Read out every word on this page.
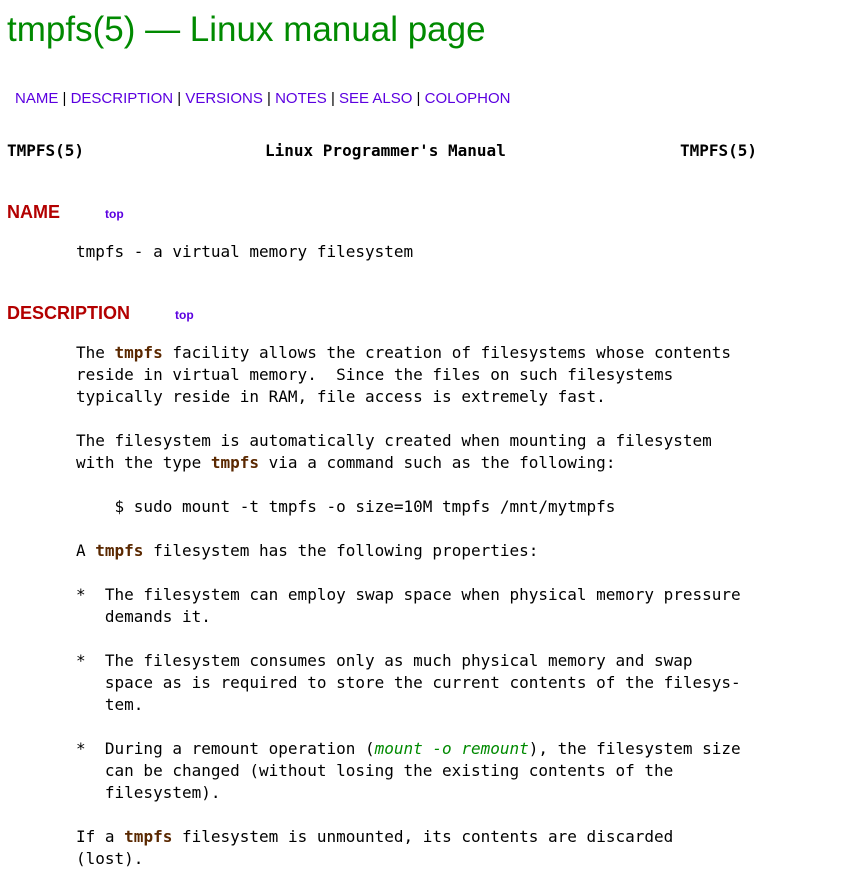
tmpfs(5) — Linux manual page
NAME | DESCRIPTION | VERSIONS | NOTES | SEE ALSO | COLOPHON

TMPFS(5)

	Linux Programmer's Manual

	TMPFS(5)

NAME	top
tmpfs - a virtual memory filesystem
DESCRIPTION	top
The tmpfs facility allows the creation of filesystems whose contents
reside in virtual memory.  Since the files on such filesystems
typically reside in RAM, file access is extremely fast.
The filesystem is automatically created when mounting a filesystem
with the type tmpfs via a command such as the following:
$ sudo mount -t tmpfs -o size=10M tmpfs /mnt/mytmpfs
A tmpfs filesystem has the following properties:
*  The filesystem can employ swap space when physical memory pressure
demands it.
*  The filesystem consumes only as much physical memory and swap
space as is required to store the current contents of the filesys-
tem.
*  During a remount operation (mount -o remount), the filesystem size
can be changed (without losing the existing contents of the
filesystem).
If a tmpfs filesystem is unmounted, its contents are discarded
(lost).
